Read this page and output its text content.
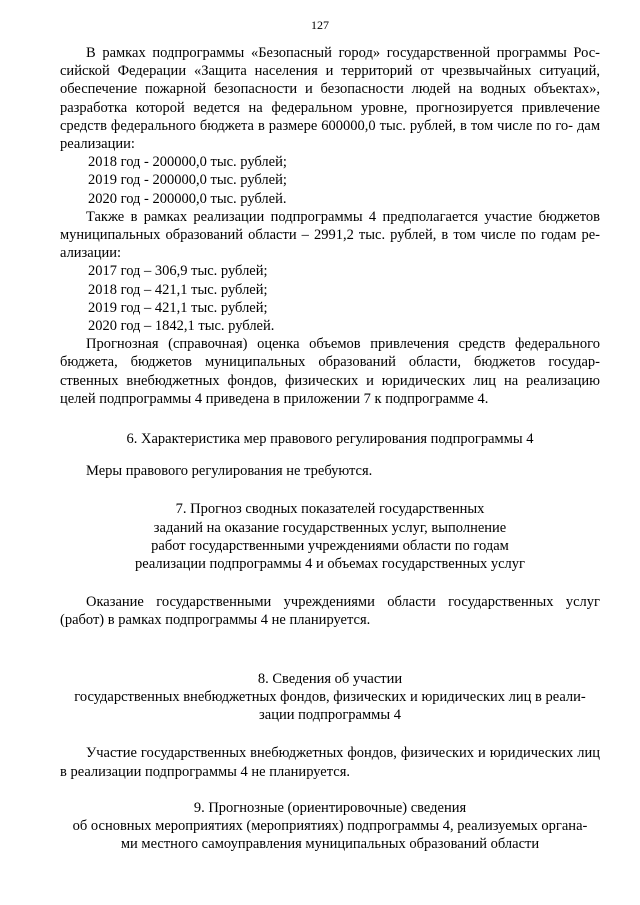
127

В рамках подпрограммы «Безопасный город» государственной программы Рос- сийской Федерации «Защита населения и территорий от чрезвычайных ситуаций, обеспечение пожарной безопасности и безопасности людей на водных объектах», разработка которой ведется на федеральном уровне, прогнозируется привлечение средств федерального бюджета в размере 600000,0 тыс. рублей, в том числе по го- дам реализации:

2018 год - 200000,0 тыс. рублей;
2019 год - 200000,0 тыс. рублей;
2020 год - 200000,0 тыс. рублей.

Также в рамках реализации подпрограммы 4 предполагается участие бюджетов муниципальных образований области – 2991,2 тыс. рублей, в том числе по годам ре- ализации:

2017 год – 306,9 тыс. рублей;
2018 год – 421,1 тыс. рублей;
2019 год – 421,1 тыс. рублей;
2020 год – 1842,1 тыс. рублей.

Прогнозная (справочная) оценка объемов привлечения средств федерального бюджета, бюджетов муниципальных образований области, бюджетов государ- ственных внебюджетных фондов, физических и юридических лиц на реализацию целей подпрограммы 4 приведена в приложении 7 к подпрограмме 4.

6. Характеристика мер правового регулирования подпрограммы 4

Меры правового регулирования не требуются.

7. Прогноз сводных показателей государственных
заданий на оказание государственных услуг, выполнение
работ государственными учреждениями области по годам
реализации подпрограммы 4 и объемах государственных услуг

Оказание государственными учреждениями области государственных услуг (работ) в рамках подпрограммы 4 не планируется.

8. Сведения об участии
государственных внебюджетных фондов, физических и юридических лиц в реали-
зации подпрограммы 4

Участие государственных внебюджетных фондов, физических и юридических лиц в реализации подпрограммы 4 не планируется.

9. Прогнозные (ориентировочные) сведения
об основных мероприятиях (мероприятиях) подпрограммы 4, реализуемых органа-
ми местного самоуправления муниципальных образований области
